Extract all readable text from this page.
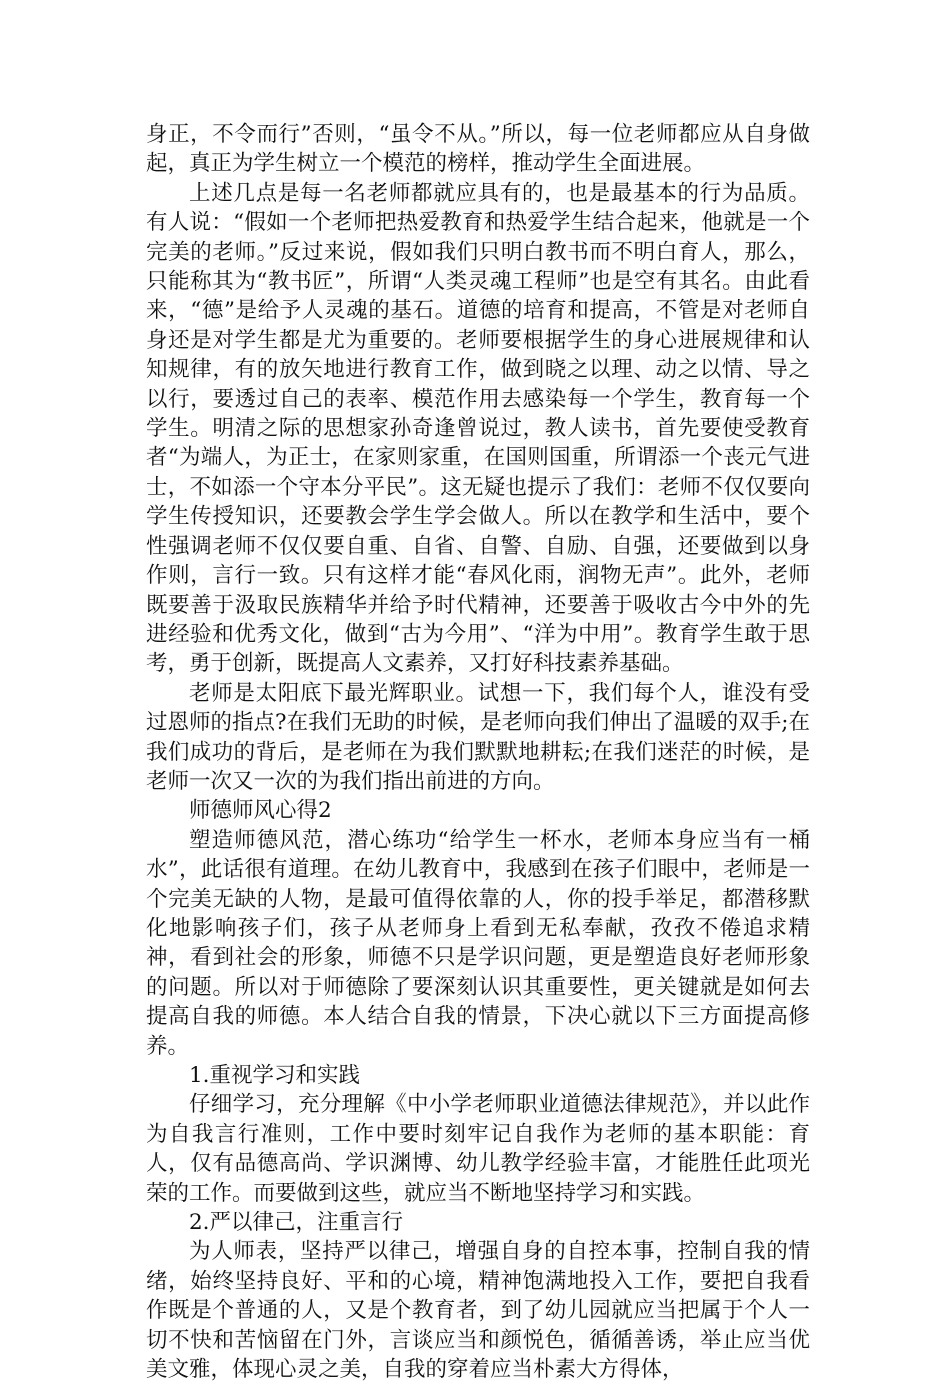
身正，不令而行”否则，“虽令不从。”所以，每一位老师都应从自身做起，真正为学生树立一个模范的榜样，推动学生全面进展。

上述几点是每一名老师都就应具有的，也是最基本的行为品质。有人说：“假如一个老师把热爱教育和热爱学生结合起来，他就是一个完美的老师。”反过来说，假如我们只明白教书而不明白育人，那么，只能称其为“教书匠”，所谓“人类灵魂工程师”也是空有其名。由此看来，“德”是给予人灵魂的基石。道德的培育和提高，不管是对老师自身还是对学生都是尤为重要的。老师要根据学生的身心进展规律和认知规律，有的放矢地进行教育工作，做到晓之以理、动之以情、导之以行，要透过自己的表率、模范作用去感染每一个学生，教育每一个学生。明清之际的思想家孙奇逢曾说过，教人读书，首先要使受教育者“为端人，为正士，在家则家重，在国则国重，所谓添一个丧元气进士，不如添一个守本分平民”。这无疑也提示了我们：老师不仅仅要向学生传授知识，还要教会学生学会做人。所以在教学和生活中，要个性强调老师不仅仅要自重、自省、自警、自励、自强，还要做到以身作则，言行一致。只有这样才能“春风化雨，润物无声”。此外，老师既要善于汲取民族精华并给予时代精神，还要善于吸收古今中外的先进经验和优秀文化，做到“古为今用”、“洋为中用”。教育学生敢于思考，勇于创新，既提高人文素养，又打好科技素养基础。

老师是太阳底下最光辉职业。试想一下，我们每个人，谁没有受过恩师的指点?在我们无助的时候，是老师向我们伸出了温暖的双手;在我们成功的背后，是老师在为我们默默地耕耘;在我们迷茫的时候，是老师一次又一次的为我们指出前进的方向。

师德师风心得2

塑造师德风范，潜心练功“给学生一杯水，老师本身应当有一桶水”，此话很有道理。在幼儿教育中，我感到在孩子们眼中，老师是一个完美无缺的人物，是最可值得依靠的人，你的投手举足，都潜移默化地影响孩子们，孩子从老师身上看到无私奉献，孜孜不倦追求精神，看到社会的形象，师德不只是学识问题，更是塑造良好老师形象的问题。所以对于师德除了要深刻认识其重要性，更关键就是如何去提高自我的师德。本人结合自我的情景，下决心就以下三方面提高修养。

1.重视学习和实践

仔细学习，充分理解《中小学老师职业道德法律规范》，并以此作为自我言行准则，工作中要时刻牢记自我作为老师的基本职能：育人，仅有品德高尚、学识渊博、幼儿教学经验丰富，才能胜任此项光荣的工作。而要做到这些，就应当不断地坚持学习和实践。

2.严以律己，注重言行

为人师表，坚持严以律己，增强自身的自控本事，控制自我的情绪，始终坚持良好、平和的心境，精神饱满地投入工作，要把自我看作既是个普通的人，又是个教育者，到了幼儿园就应当把属于个人一切不快和苦恼留在门外，言谈应当和颜悦色，循循善诱，举止应当优美文雅，体现心灵之美，自我的穿着应当朴素大方得体，
